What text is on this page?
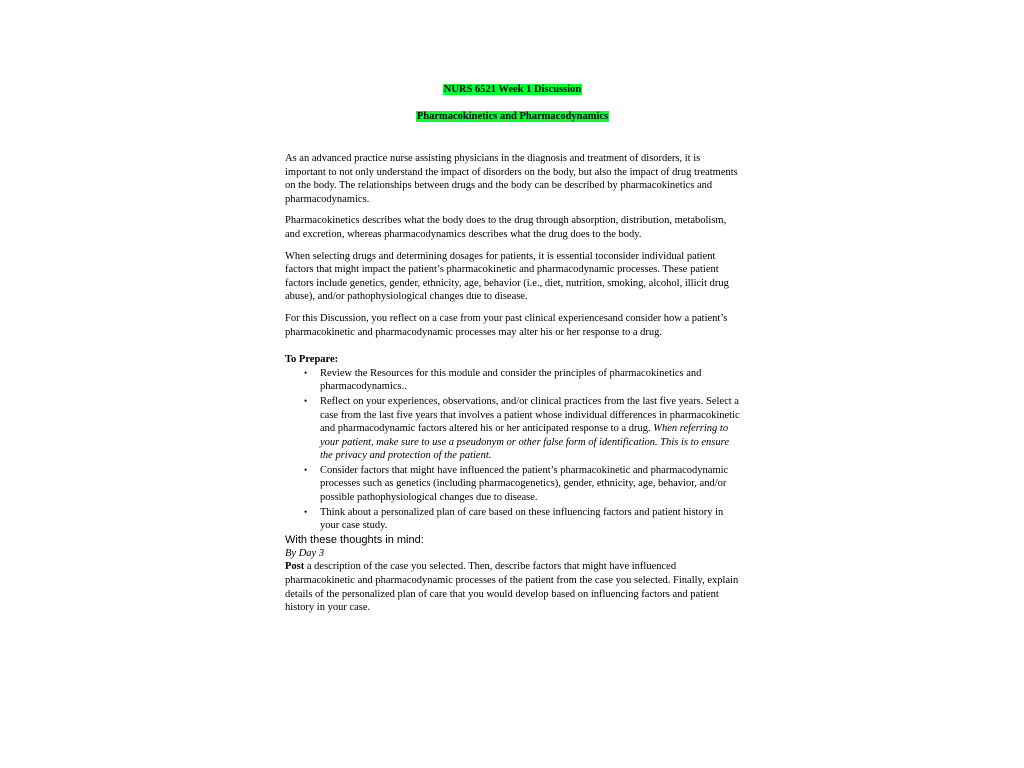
NURS 6521 Week 1 Discussion
Pharmacokinetics and Pharmacodynamics

As an advanced practice nurse assisting physicians in the diagnosis and treatment of disorders, it is important to not only understand the impact of disorders on the body, but also the impact of drug treatments on the body. The relationships between drugs and the body can be described by pharmacokinetics and pharmacodynamics.

Pharmacokinetics describes what the body does to the drug through absorption, distribution, metabolism, and excretion, whereas pharmacodynamics describes what the drug does to the body.

When selecting drugs and determining dosages for patients, it is essential toconsider individual patient factors that might impact the patient’s pharmacokinetic and pharmacodynamic processes. These patient factors include genetics, gender, ethnicity, age, behavior (i.e., diet, nutrition, smoking, alcohol, illicit drug abuse), and/or pathophysiological changes due to disease.

For this Discussion, you reflect on a case from your past clinical experiencesand consider how a patient’s pharmacokinetic and pharmacodynamic processes may alter his or her response to a drug.

To Prepare:
• Review the Resources for this module and consider the principles of pharmacokinetics and pharmacodynamics..
• Reflect on your experiences, observations, and/or clinical practices from the last five years. Select a case from the last five years that involves a patient whose individual differences in pharmacokinetic and pharmacodynamic factors altered his or her anticipated response to a drug. When referring to your patient, make sure to use a pseudonym or other false form of identification. This is to ensure the privacy and protection of the patient.
• Consider factors that might have influenced the patient’s pharmacokinetic and pharmacodynamic processes such as genetics (including pharmacogenetics), gender, ethnicity, age, behavior, and/or possible pathophysiological changes due to disease.
• Think about a personalized plan of care based on these influencing factors and patient history in your case study.
With these thoughts in mind:
By Day 3

Post a description of the case you selected. Then, describe factors that might have influenced pharmacokinetic and pharmacodynamic processes of the patient from the case you selected. Finally, explain details of the personalized plan of care that you would develop based on influencing factors and patient history in your case.
